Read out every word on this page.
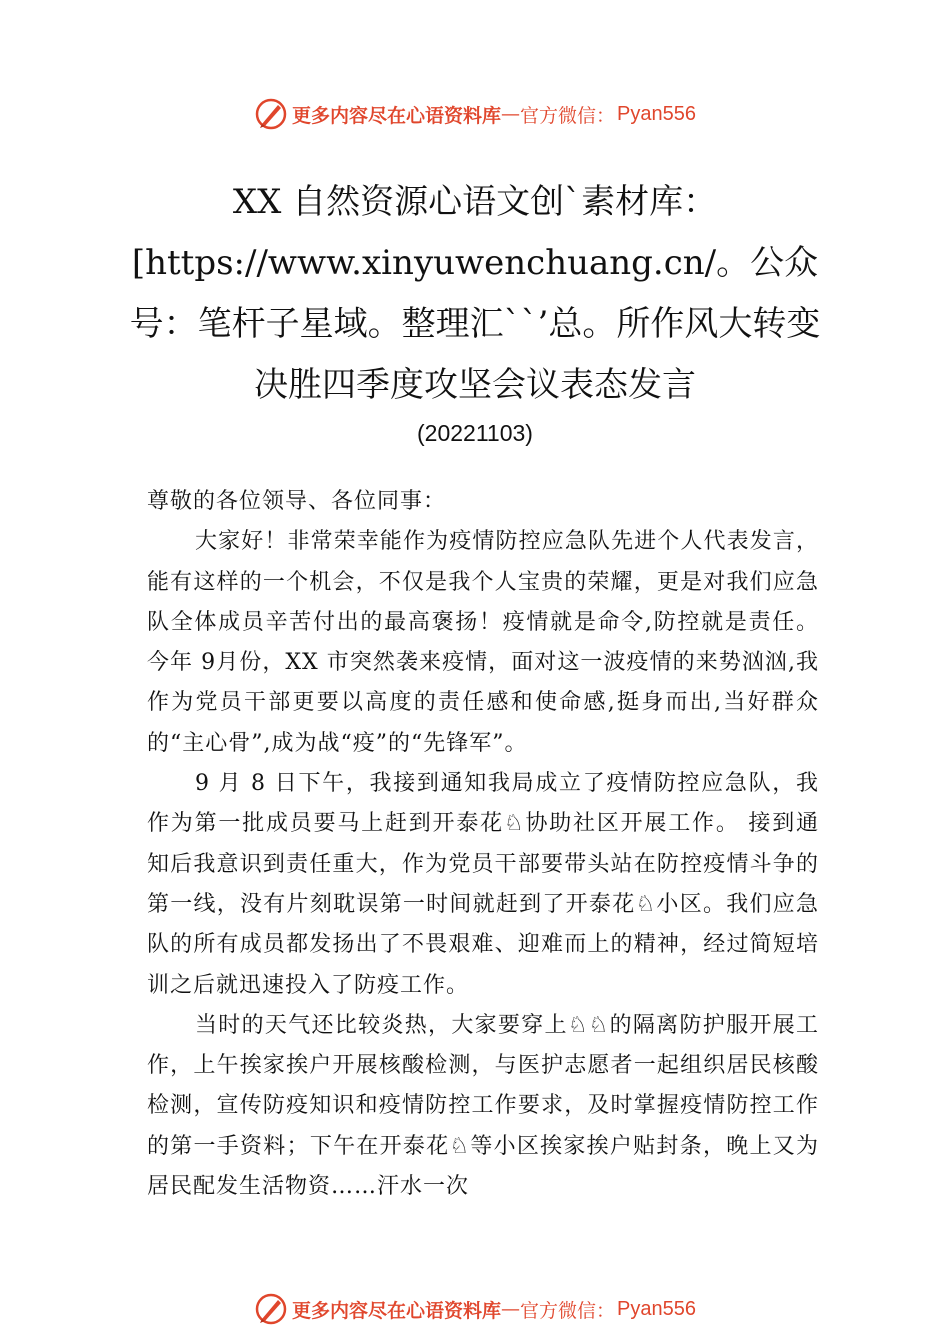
更多内容尽在心语资料库 — 官方微信： Pyan556
XX 自然资源心语文创`素材库：[https://www.xinyuwenchuang.cn/。公众号：笔杆子星域。整理汇``’总。所作风大转变决胜四季度攻坚会议表态发言
(20221103)

尊敬的各位领导、各位同事：

大家好！非常荣幸能作为疫情防控应急队先进个人代表发言，能有这样的一个机会，不仅是我个人宝贵的荣耀，更是对我们应急队全体成员辛苦付出的最高褒扬！疫情就是命令,防控就是责任。今年 9月份，XX 市突然袭来疫情，面对这一波疫情的来势汹汹,我作为党员干部更要以高度的责任感和使命感,挺身而出,当好群众的“主心骨”,成为战“疫”的“先锋军”。

9 月 8 日下午，我接到通知我局成立了疫情防控应急队，我作为第一批成员要马上赶到开泰花♘协助社区开展工作。 接到通知后我意识到责任重大，作为党员干部要带头站在防控疫情斗争的第一线，没有片刻耽误第一时间就赶到了开泰花♘小区。我们应急队的所有成员都发扬出了不畏艰难、迎难而上的精神，经过简短培训之后就迅速投入了防疫工作。

当时的天气还比较炎热，大家要穿上♘♘的隔离防护服开展工作，上午挨家挨户开展核酸检测，与医护志愿者一起组织居民核酸检测，宣传防疫知识和疫情防控工作要求，及时掌握疫情防控工作的第一手资料；下午在开泰花♘等小区挨家挨户贴封条，晚上又为居民配发生活物资……汗水一次

更多内容尽在心语资料库 — 官方微信： Pyan556
